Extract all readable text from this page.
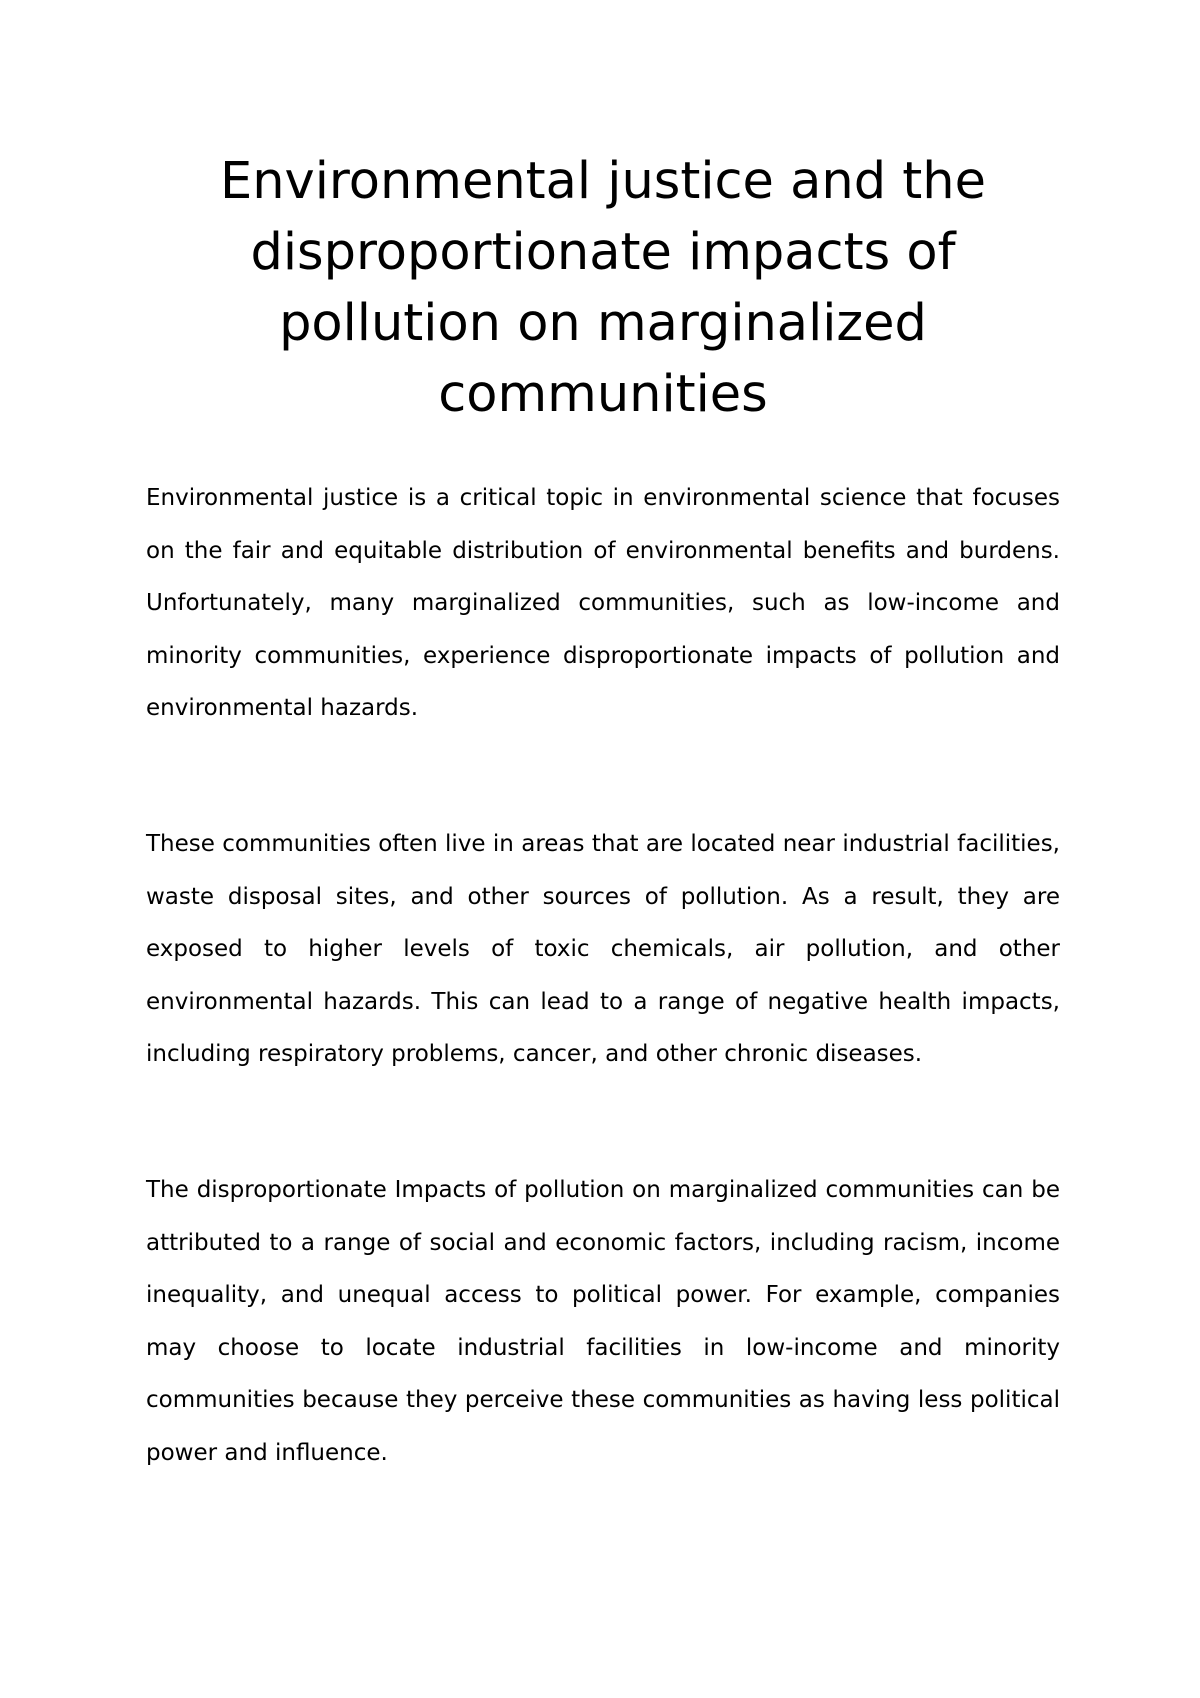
Environmental justice and the disproportionate impacts of pollution on marginalized communities

Environmental justice is a critical topic in environmental science that focuses on the fair and equitable distribution of environmental benefits and burdens. Unfortunately, many marginalized communities, such as low-income and minority communities, experience disproportionate impacts of pollution and environmental hazards.

These communities often live in areas that are located near industrial facilities, waste disposal sites, and other sources of pollution. As a result, they are exposed to higher levels of toxic chemicals, air pollution, and other environmental hazards. This can lead to a range of negative health impacts, including respiratory problems, cancer, and other chronic diseases.

The disproportionate Impacts of pollution on marginalized communities can be attributed to a range of social and economic factors, including racism, income inequality, and unequal access to political power. For example, companies may choose to locate industrial facilities in low-income and minority communities because they perceive these communities as having less political power and influence.
